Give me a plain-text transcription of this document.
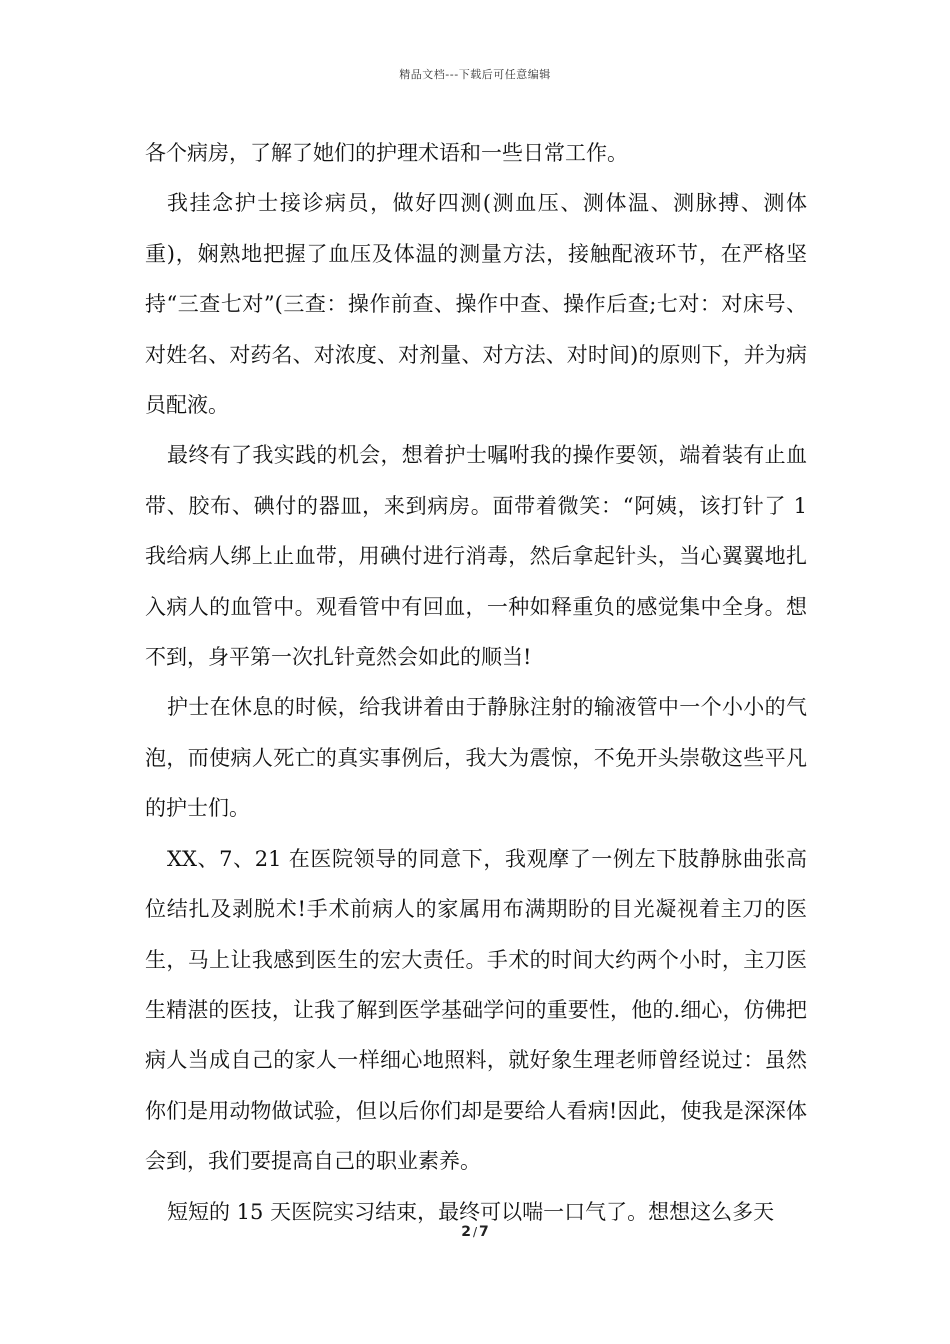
精品文档---下载后可任意编辑

各个病房，了解了她们的护理术语和一些日常工作。

我挂念护士接诊病员，做好四测(测血压、测体温、测脉搏、测体重)，娴熟地把握了血压及体温的测量方法，接触配液环节，在严格坚持“三查七对”(三查：操作前查、操作中查、操作后查;七对：对床号、对姓名、对药名、对浓度、对剂量、对方法、对时间)的原则下，并为病员配液。

最终有了我实践的机会，想着护士嘱咐我的操作要领，端着装有止血带、胶布、碘付的器皿，来到病房。面带着微笑：“阿姨，该打针了 1 我给病人绑上止血带，用碘付进行消毒，然后拿起针头，当心翼翼地扎入病人的血管中。观看管中有回血，一种如释重负的感觉集中全身。想不到，身平第一次扎针竟然会如此的顺当!

护士在休息的时候，给我讲着由于静脉注射的输液管中一个小小的气泡，而使病人死亡的真实事例后，我大为震惊，不免开头崇敬这些平凡的护士们。

XX、7、21 在医院领导的同意下，我观摩了一例左下肢静脉曲张高位结扎及剥脱术!手术前病人的家属用布满期盼的目光凝视着主刀的医生，马上让我感到医生的宏大责任。手术的时间大约两个小时，主刀医生精湛的医技，让我了解到医学基础学问的重要性，他的.细心，仿佛把病人当成自己的家人一样细心地照料，就好象生理老师曾经说过：虽然你们是用动物做试验，但以后你们却是要给人看病!因此，使我是深深体会到，我们要提高自己的职业素养。

短短的 15 天医院实习结束，最终可以喘一口气了。想想这么多天

2 / 7
